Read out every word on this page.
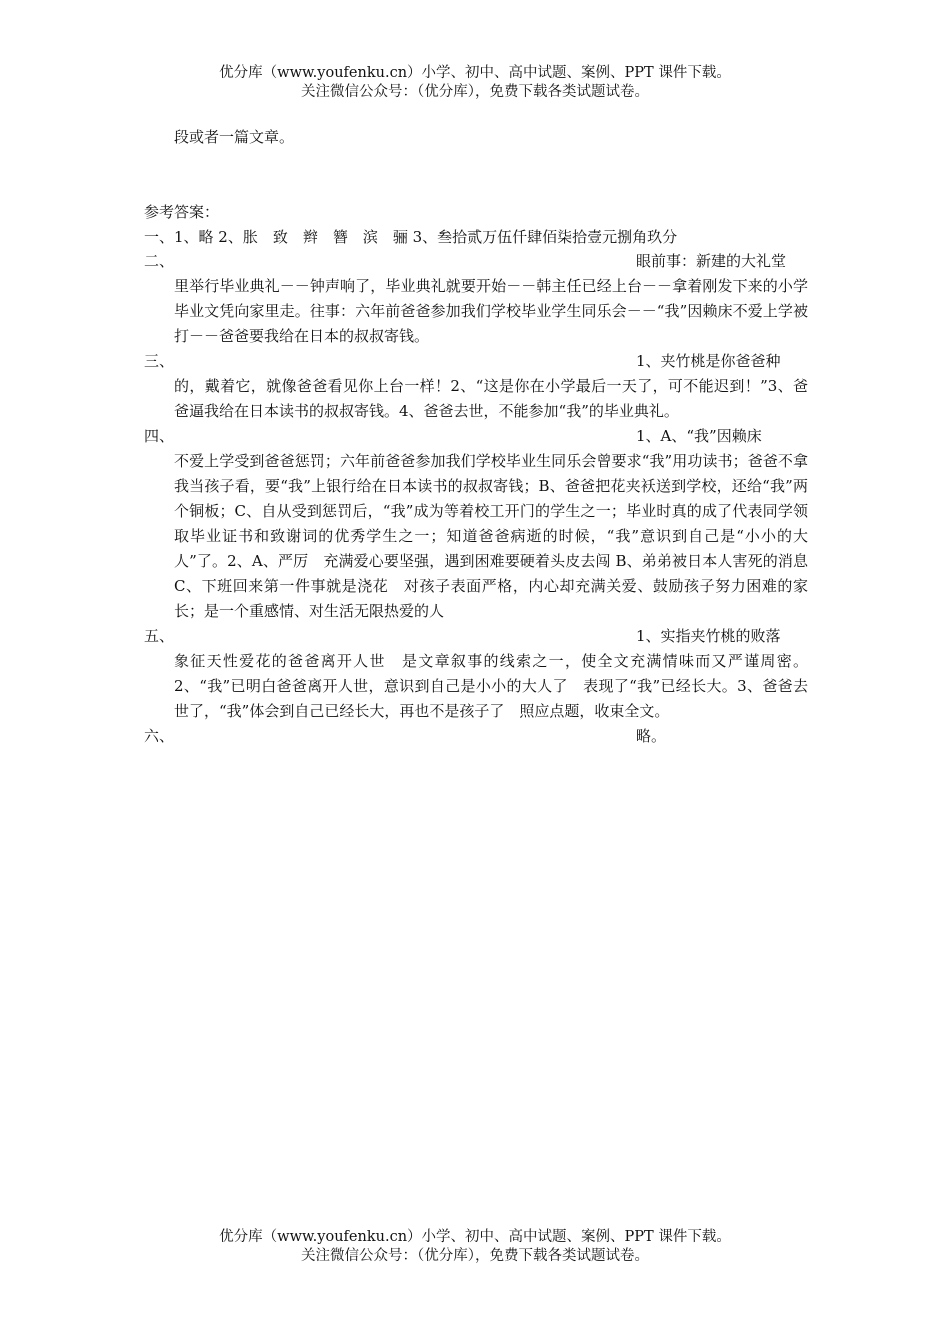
优分库（www.youfenku.cn）小学、初中、高中试题、案例、PPT 课件下载。
关注微信公众号：（优分库），免费下载各类试题试卷。
段或者一篇文章。
参考答案：
一、1、略 2、胀　致　辫　簪　滨　骊 3、叁拾贰万伍仟肆佰柒拾壹元捌角玖分
二、	眼前事：新建的大礼堂
里举行毕业典礼－－钟声响了，毕业典礼就要开始－－韩主任已经上台－－拿着刚发下来的小学毕业文凭向家里走。往事：六年前爸爸参加我们学校毕业学生同乐会－－“我”因赖床不爱上学被打－－爸爸要我给在日本的叔叔寄钱。
三、	1、夹竹桃是你爸爸种
的，戴着它，就像爸爸看见你上台一样！2、“这是你在小学最后一天了，可不能迟到！”3、爸爸逼我给在日本读书的叔叔寄钱。4、爸爸去世，不能参加“我”的毕业典礼。
四、	1、A、“我”因赖床
不爱上学受到爸爸惩罚；六年前爸爸参加我们学校毕业生同乐会曾要求“我”用功读书；爸爸不拿我当孩子看，要“我”上银行给在日本读书的叔叔寄钱；B、爸爸把花夹袄送到学校，还给“我”两个铜板；C、自从受到惩罚后，“我”成为等着校工开门的学生之一；毕业时真的成了代表同学领取毕业证书和致谢词的优秀学生之一；知道爸爸病逝的时候，“我”意识到自己是“小小的大人”了。2、A、严厉　充满爱心要坚强，遇到困难要硬着头皮去闯 B、弟弟被日本人害死的消息 C、下班回来第一件事就是浇花　对孩子表面严格，内心却充满关爱、鼓励孩子努力困难的家长；是一个重感情、对生活无限热爱的人
五、	1、实指夹竹桃的败落
象征天性爱花的爸爸离开人世　是文章叙事的线索之一，使全文充满情味而又严谨周密。2、“我”已明白爸爸离开人世，意识到自己是小小的大人了　表现了“我”已经长大。3、爸爸去世了，“我”体会到自己已经长大，再也不是孩子了　照应点题，收束全文。
六、	略。
优分库（www.youfenku.cn）小学、初中、高中试题、案例、PPT 课件下载。
关注微信公众号：（优分库），免费下载各类试题试卷。
